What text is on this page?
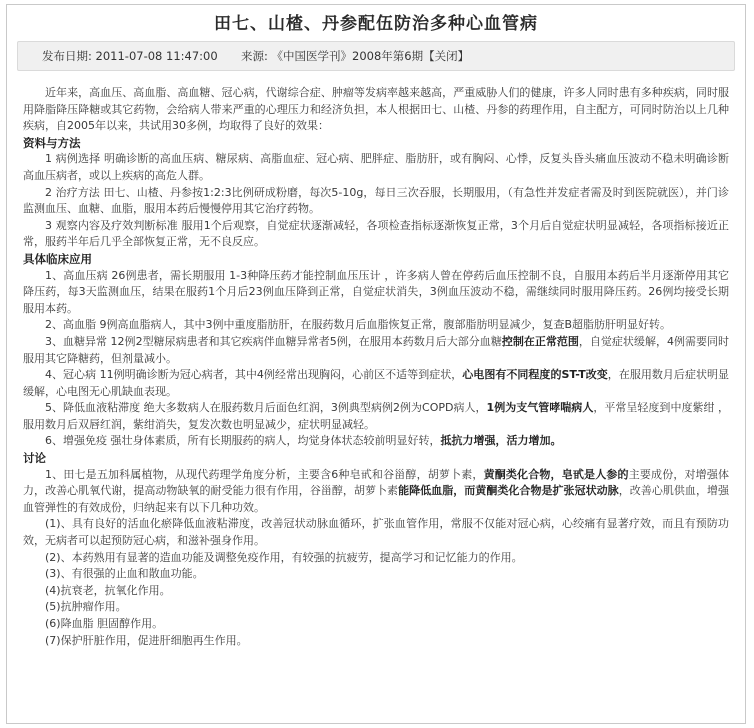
田七、山楂、丹参配伍防治多种心血管病
发布日期: 2011-07-08 11:47:00 来源: 《中国医学刊》2008年第6期【关闭】

近年来，高血压、高血脂、高血糖、冠心病，代谢综合症、肿瘤等发病率越来越高，严重威胁人们的健康，许多人同时患有多种疾病，同时服用降脂降压降糖或其它药物，会给病人带来严重的心理压力和经济负担，本人根据田七、山楂、丹参的药理作用，自主配方，可同时防治以上几种疾病，自2005年以来，共试用30多例，均取得了良好的效果：

资料与方法

1 病例选择 明确诊断的高血压病、糖尿病、高脂血症、冠心病、肥胖症、脂肪肝，或有胸闷、心悸，反复头昏头痛血压波动不稳未明确诊断高血压病者，或以上疾病的高危人群。

2 治疗方法 田七、山楂、丹参按1:2:3比例研成粉磨，每次5-10g，每日三次吞服，长期服用，（有急性并发症者需及时到医院就医），并门诊监测血压、血糖、血脂，服用本药后慢慢停用其它治疗药物。

3 观察内容及疗效判断标准 服用1个后观察，自觉症状逐渐减轻，各项检查指标逐渐恢复正常，3个月后自觉症状明显减轻，各项指标接近正常，服药半年后几乎全部恢复正常，无不良反应。

具体临床应用

1、高血压病 26例患者，需长期服用 1-3种降压药才能控制血压压计 ，许多病人曾在停药后血压控制不良，自服用本药后半月逐渐停用其它降压药，每3天监测血压，结果在服药1个月后23例血压降到正常，自觉症状消失，3例血压波动不稳，需继续同时服用降压药。26例均接受长期服用本药。

2、高血脂 9例高血脂病人，其中3例中重度脂肪肝，在服药数月后血脂恢复正常，腹部脂肪明显减少，复查B超脂肪肝明显好转。

3、血糖异常 12例2型糖尿病患者和其它疾病伴血糖异常者5例，在服用本药数月后大部分血糖控制在正常范围，自觉症状缓解，4例需要同时服用其它降糖药，但剂量减小。

4、冠心病 11例明确诊断为冠心病者，其中4例经常出现胸闷，心前区不适等到症状，心电图有不同程度的ST-T改变，在服用数月后症状明显缓解，心电图无心肌缺血表现。

5、降低血液粘滞度 绝大多数病人在服药数月后面色红润，3例典型病例2例为COPD病人，1例为支气管哮喘病人，平常呈轻度到中度紫绀 ，服用数月后双唇红润，紫绀消失，复发次数也明显减少，症状明显减轻。

6、增强免疫 强壮身体素质，所有长期服药的病人，均觉身体状态较前明显好转，抵抗力增强，活力增加。

讨论

1、田七是五加科属植物，从现代药理学角度分析，主要含6种皂甙和谷甾醇，胡萝卜素，黄酮类化合物，皂甙是人参的主要成份，对增强体力，改善心肌氧代谢，提高动物缺氧的耐受能力很有作用，谷甾醇，胡萝卜素能降低血脂，而黄酮类化合物是扩张冠状动脉，改善心肌供血，增强血管弹性的有效成份，归纳起来有以下几种功效。

(1)、具有良好的活血化瘀降低血液粘滞度，改善冠状动脉血循环，扩张血管作用，常服不仅能对冠心病，心绞痛有显著疗效，而且有预防功效，无病者可以起预防冠心病，和滋补强身作用。

(2)、本药熟用有显著的造血功能及调整免疫作用，有较强的抗疲劳，提高学习和记忆能力的作用。

(3)、有很强的止血和散血功能。

(4)抗衰老，抗氧化作用。

(5)抗肿瘤作用。

(6)降血脂 胆固醇作用。

(7)保护肝脏作用，促进肝细胞再生作用。
